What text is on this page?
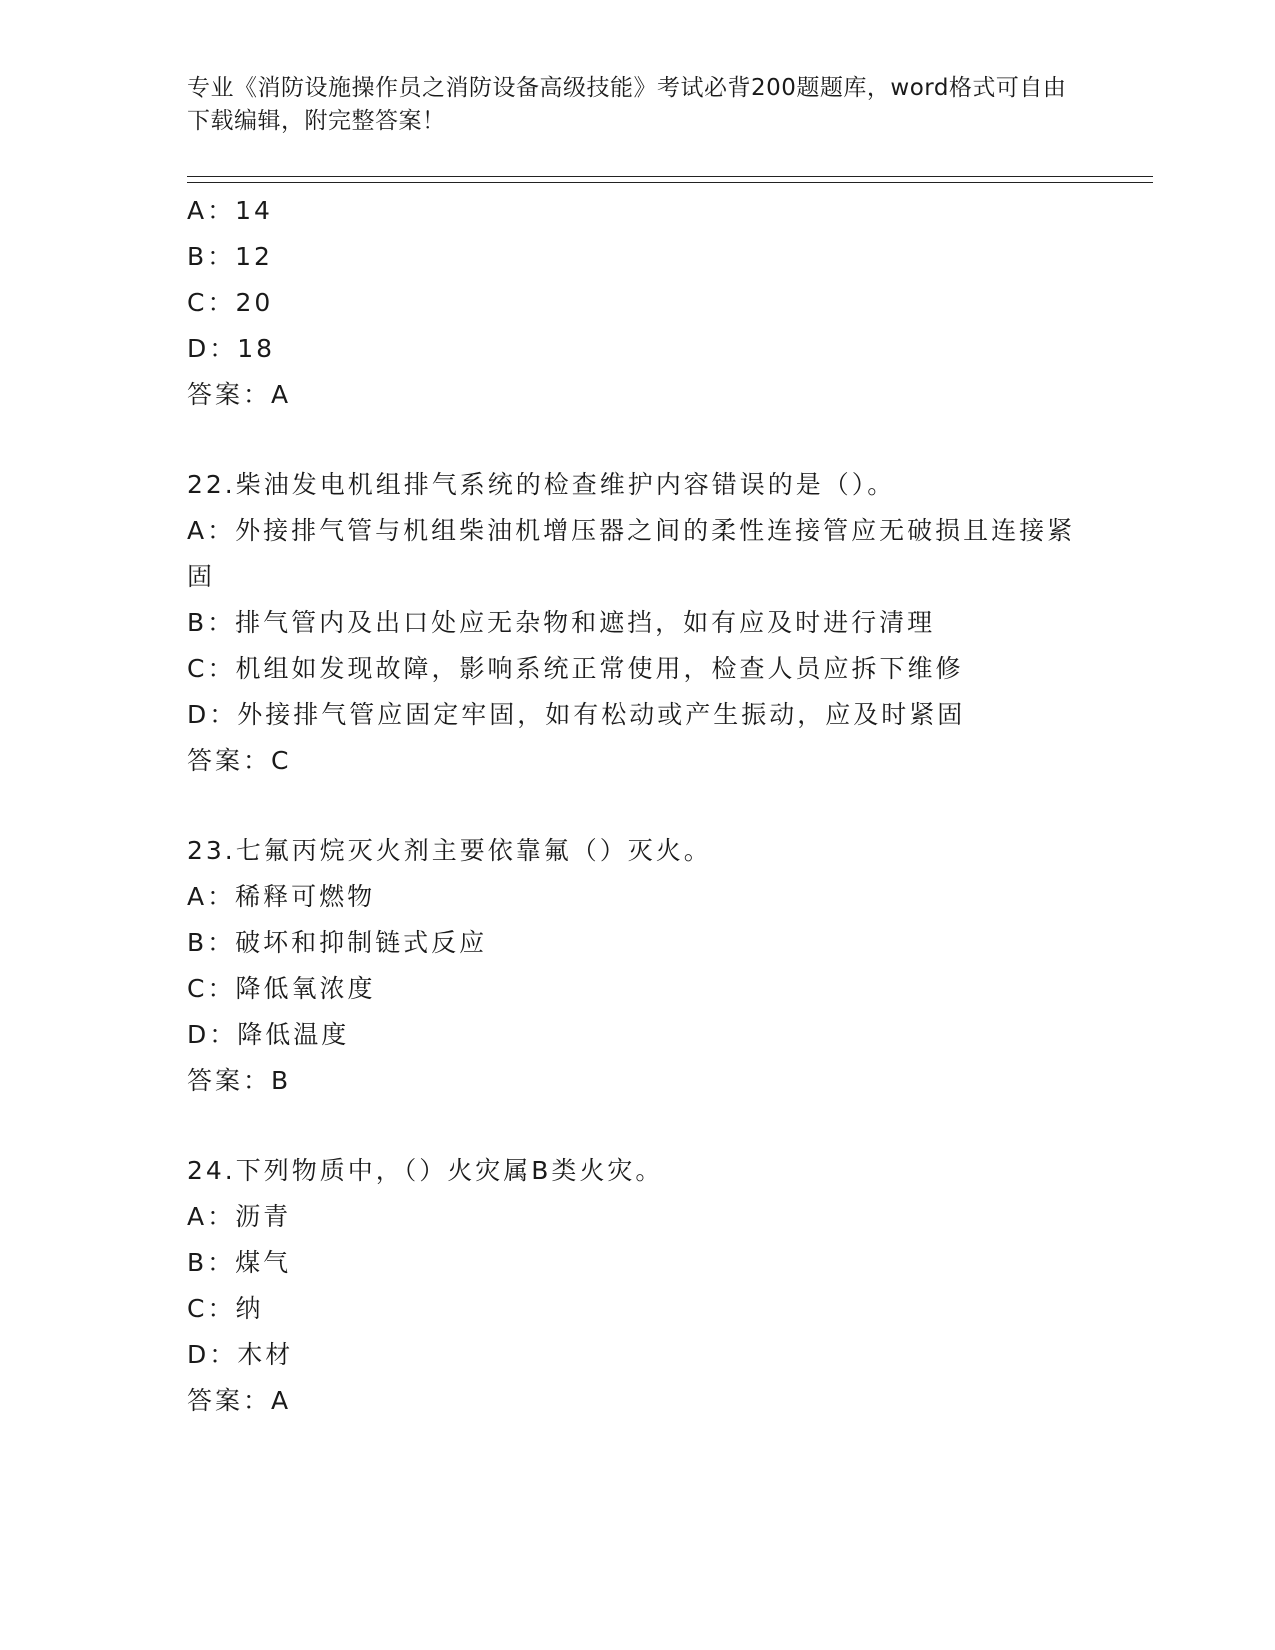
专业《消防设施操作员之消防设备高级技能》考试必背200题题库，word格式可自由下载编辑，附完整答案！
A：14
B：12
C：20
D：18
答案：A
22.柴油发电机组排气系统的检查维护内容错误的是（）。
A：外接排气管与机组柴油机增压器之间的柔性连接管应无破损且连接紧固
B：排气管内及出口处应无杂物和遮挡，如有应及时进行清理
C：机组如发现故障，影响系统正常使用，检查人员应拆下维修
D：外接排气管应固定牢固，如有松动或产生振动，应及时紧固
答案：C
23.七氟丙烷灭火剂主要依靠氟（）灭火。
A：稀释可燃物
B：破坏和抑制链式反应
C：降低氧浓度
D：降低温度
答案：B
24.下列物质中，（）火灾属B类火灾。
A：沥青
B：煤气
C：纳
D：木材
答案：A
